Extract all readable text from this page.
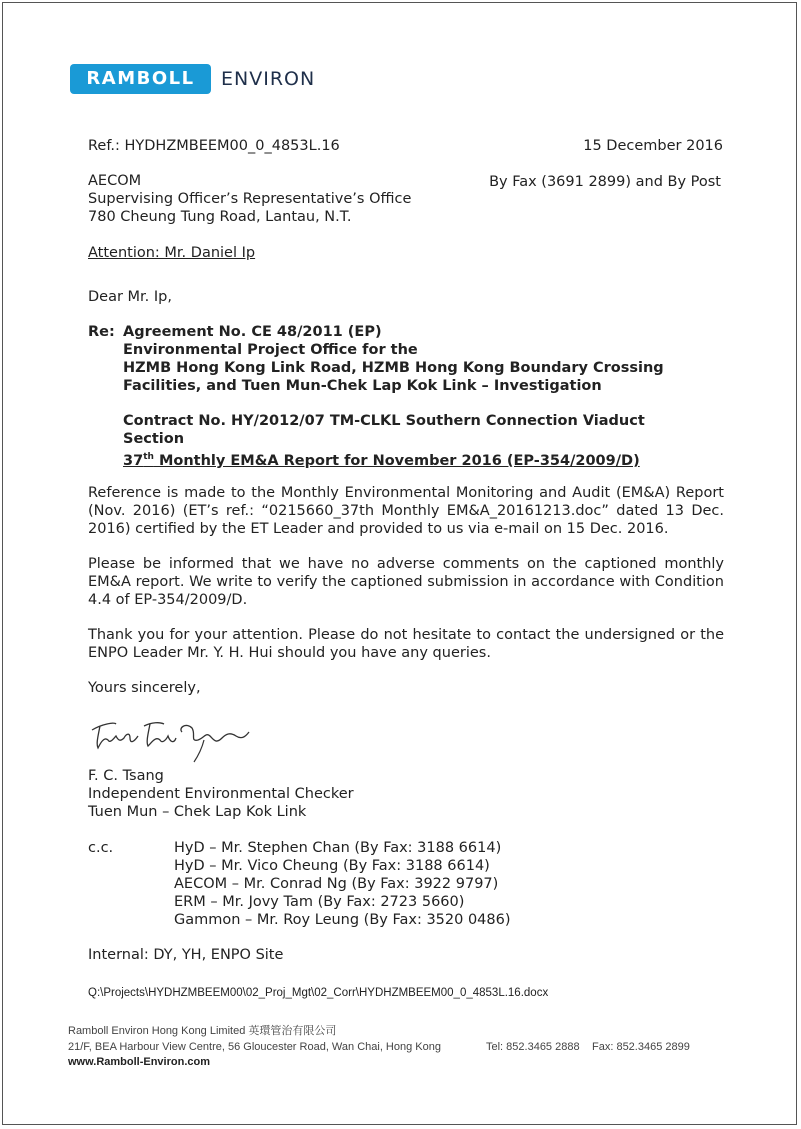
RAMBOLL	ENVIRON
Ref.: HYDHZMBEEM00_0_4853L.16	15 December 2016
AECOM
Supervising Officer’s Representative’s Office
780 Cheung Tung Road, Lantau, N.T.
By Fax (3691 2899) and By Post
Attention: Mr. Daniel Ip
Dear Mr. Ip,
Re: Agreement No. CE 48/2011 (EP)
Environmental Project Office for the
HZMB Hong Kong Link Road, HZMB Hong Kong Boundary Crossing
Facilities, and Tuen Mun-Chek Lap Kok Link – Investigation
Contract No. HY/2012/07 TM-CLKL Southern Connection Viaduct
Section
37th Monthly EM&A Report for November 2016 (EP-354/2009/D)
Reference is made to the Monthly Environmental Monitoring and Audit (EM&A) Report (Nov. 2016) (ET’s ref.: “0215660_37th Monthly EM&A_20161213.doc” dated 13 Dec. 2016) certified by the ET Leader and provided to us via e-mail on 15 Dec. 2016.
Please be informed that we have no adverse comments on the captioned monthly EM&A report. We write to verify the captioned submission in accordance with Condition 4.4 of EP-354/2009/D.
Thank you for your attention. Please do not hesitate to contact the undersigned or the ENPO Leader Mr. Y. H. Hui should you have any queries.
Yours sincerely,
F. C. Tsang
Independent Environmental Checker
Tuen Mun – Chek Lap Kok Link
c.c.	HyD – Mr. Stephen Chan (By Fax: 3188 6614)
HyD – Mr. Vico Cheung (By Fax: 3188 6614)
AECOM – Mr. Conrad Ng (By Fax: 3922 9797)
ERM – Mr. Jovy Tam (By Fax: 2723 5660)
Gammon – Mr. Roy Leung (By Fax: 3520 0486)
Internal: DY, YH, ENPO Site
Q:\Projects\HYDHZMBEEM00\02_Proj_Mgt\02_Corr\HYDHZMBEEM00_0_4853L.16.docx
Ramboll Environ Hong Kong Limited 英環管治有限公司
21/F, BEA Harbour View Centre, 56 Gloucester Road, Wan Chai, Hong Kong	Tel: 852.3465 2888 Fax: 852.3465 2899
www.Ramboll-Environ.com
